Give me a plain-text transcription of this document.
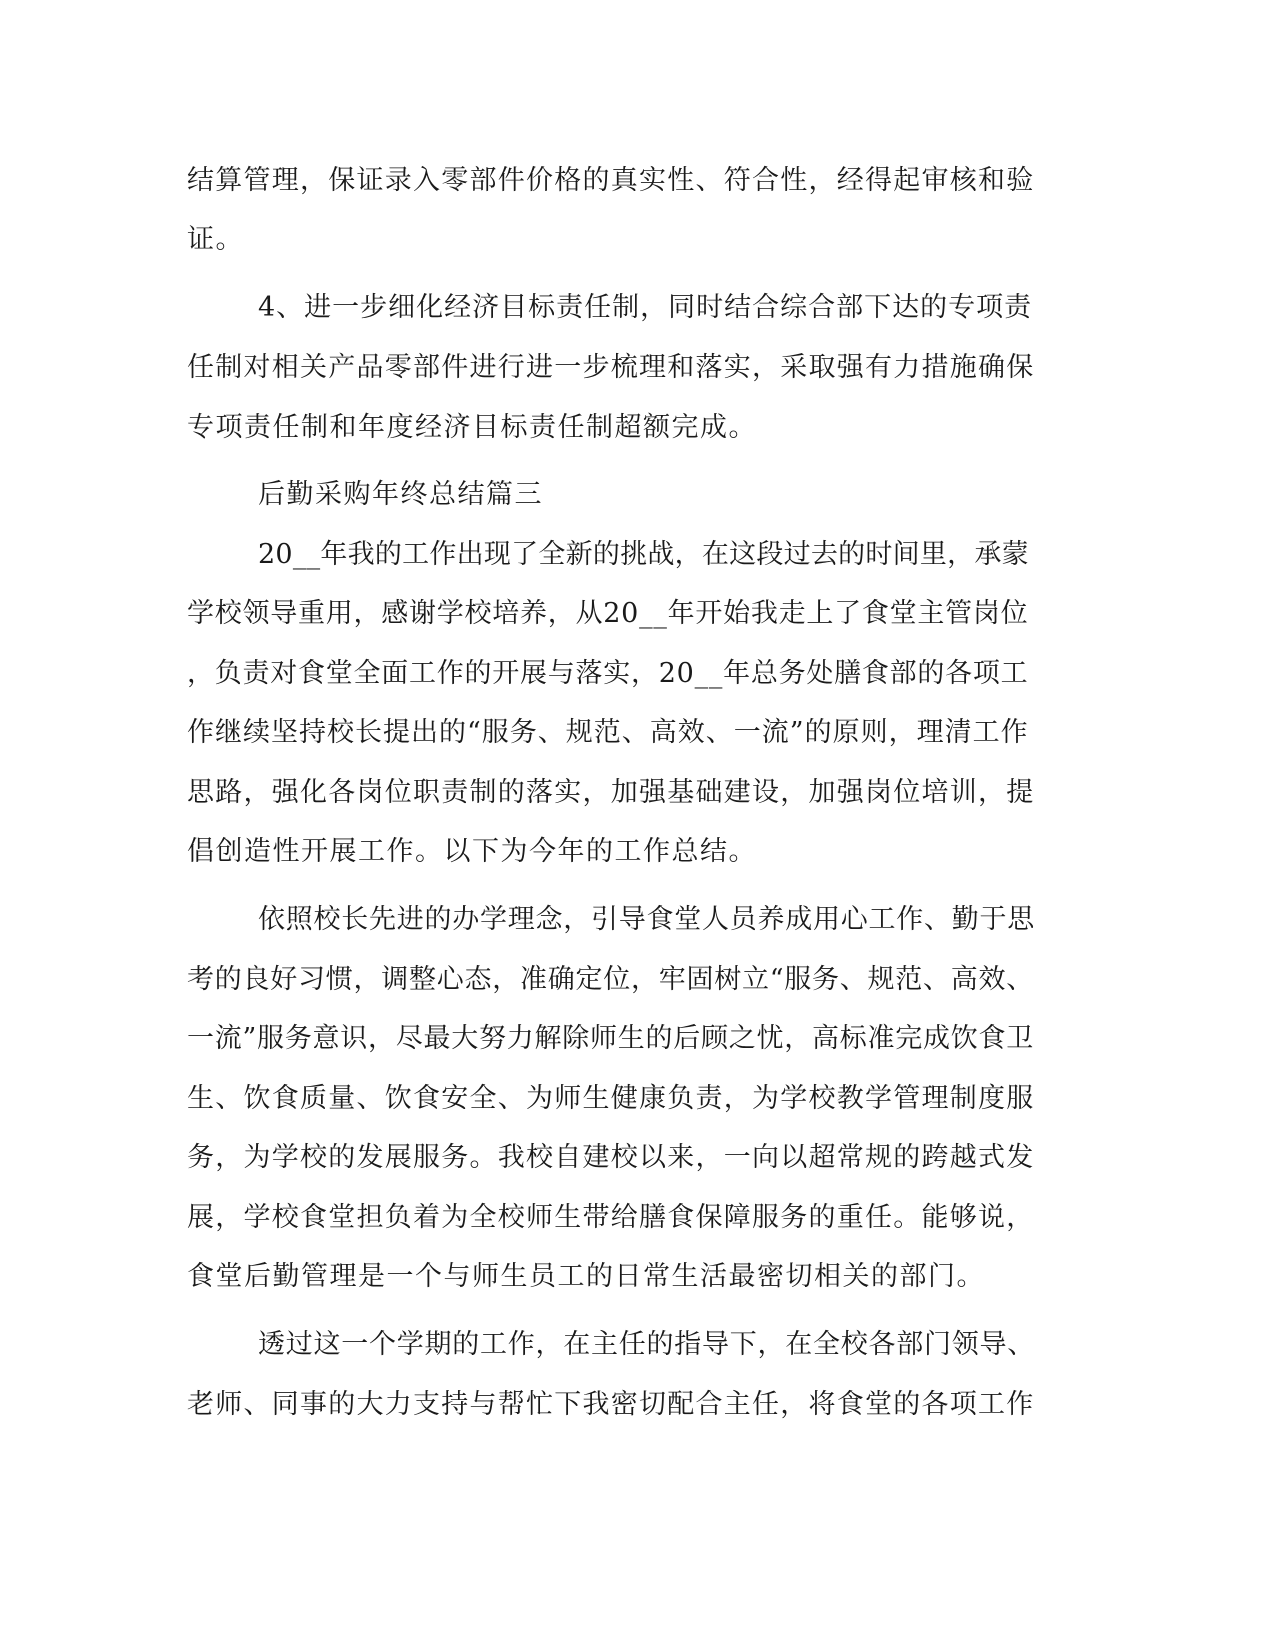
结算管理，保证录入零部件价格的真实性、符合性，经得起审核和验
证。
4、进一步细化经济目标责任制，同时结合综合部下达的专项责
任制对相关产品零部件进行进一步梳理和落实，采取强有力措施确保
专项责任制和年度经济目标责任制超额完成。
后勤采购年终总结篇三
20__年我的工作出现了全新的挑战，在这段过去的时间里，承蒙
学校领导重用，感谢学校培养，从20__年开始我走上了食堂主管岗位
，负责对食堂全面工作的开展与落实，20__年总务处膳食部的各项工
作继续坚持校长提出的“服务、规范、高效、一流”的原则，理清工作
思路，强化各岗位职责制的落实，加强基础建设，加强岗位培训，提
倡创造性开展工作。以下为今年的工作总结。
依照校长先进的办学理念，引导食堂人员养成用心工作、勤于思
考的良好习惯，调整心态，准确定位，牢固树立“服务、规范、高效、
一流”服务意识，尽最大努力解除师生的后顾之忧，高标准完成饮食卫
生、饮食质量、饮食安全、为师生健康负责，为学校教学管理制度服
务，为学校的发展服务。我校自建校以来，一向以超常规的跨越式发
展，学校食堂担负着为全校师生带给膳食保障服务的重任。能够说，
食堂后勤管理是一个与师生员工的日常生活最密切相关的部门。
透过这一个学期的工作，在主任的指导下，在全校各部门领导、
老师、同事的大力支持与帮忙下我密切配合主任，将食堂的各项工作
